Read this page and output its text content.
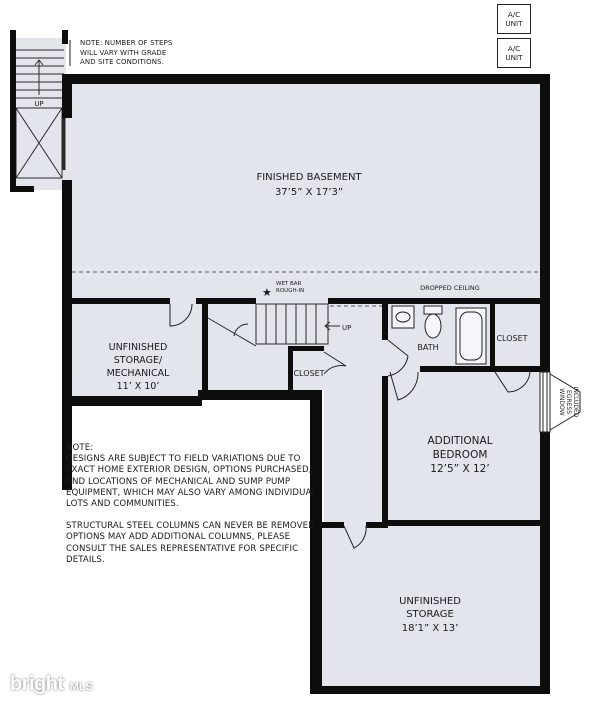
★
FINISHED BASEMENT
37’5” X 17’3”
UNFINISHED
STORAGE/
MECHANICAL
11’ X 10’
CLOSET
BATH
CLOSET
ADDITIONAL
BEDROOM
12’5” X 12’
UNFINISHED
STORAGE
18’1” X 13’
UP
UP
WET BAR
ROUGH-IN	DROPPED CEILING
INCLUDED
EGRESS
WINDOW
NOTE: NUMBER OF STEPS
WILL VARY WITH GRADE
AND SITE CONDITIONS.
A/C
UNIT
A/C
UNIT
NOTE:
DESIGNS ARE SUBJECT TO FIELD VARIATIONS DUE TO
EXACT HOME EXTERIOR DESIGN, OPTIONS PURCHASED,
AND LOCATIONS OF MECHANICAL AND SUMP PUMP
EQUIPMENT, WHICH MAY ALSO VARY AMONG INDIVIDUAL
LOTS AND COMMUNITIES.
STRUCTURAL STEEL COLUMNS CAN NEVER BE REMOVED.
OPTIONS MAY ADD ADDITIONAL COLUMNS, PLEASE
CONSULT THE SALES REPRESENTATIVE FOR SPECIFIC
DETAILS.
bright MLS
